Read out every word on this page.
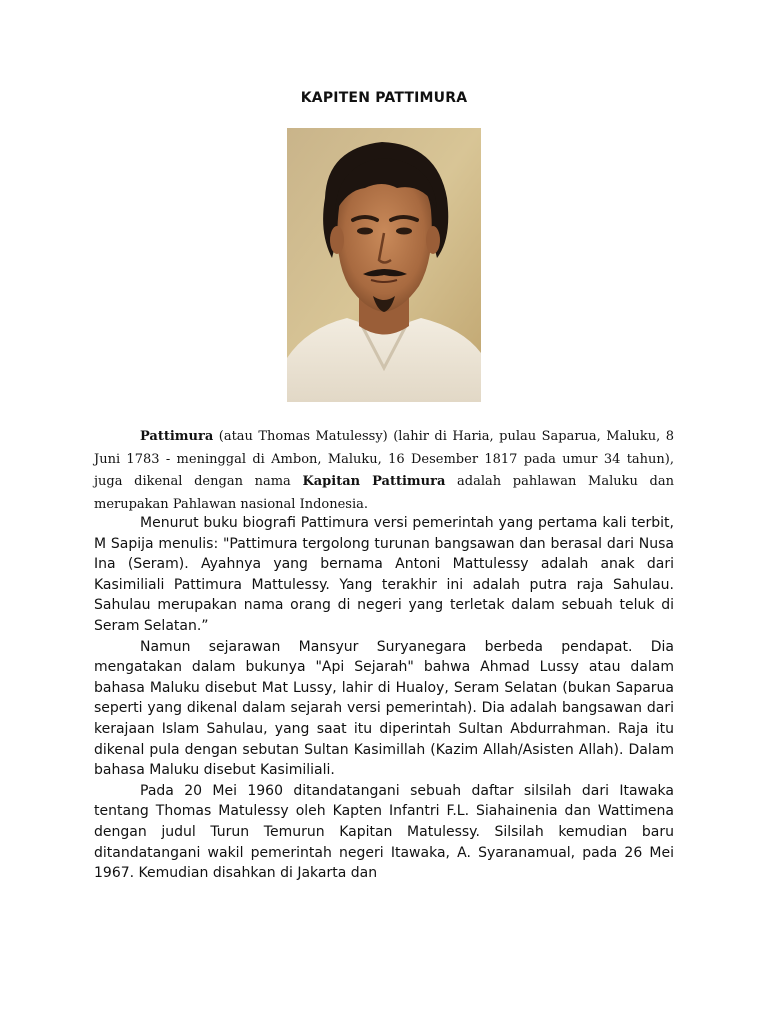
KAPITEN PATTIMURA

Pattimura (atau Thomas Matulessy) (lahir di Haria, pulau Saparua, Maluku, 8 Juni 1783 - meninggal di Ambon, Maluku, 16 Desember 1817 pada umur 34 tahun), juga dikenal dengan nama Kapitan Pattimura adalah pahlawan Maluku dan merupakan Pahlawan nasional Indonesia.

Menurut buku biografi Pattimura versi pemerintah yang pertama kali terbit, M Sapija menulis: "Pattimura tergolong turunan bangsawan dan berasal dari Nusa Ina (Seram). Ayahnya yang bernama Antoni Mattulessy adalah anak dari Kasimiliali Pattimura Mattulessy. Yang terakhir ini adalah putra raja Sahulau. Sahulau merupakan nama orang di negeri yang terletak dalam sebuah teluk di Seram Selatan.”

Namun sejarawan Mansyur Suryanegara berbeda pendapat. Dia mengatakan dalam bukunya "Api Sejarah" bahwa Ahmad Lussy atau dalam bahasa Maluku disebut Mat Lussy, lahir di Hualoy, Seram Selatan (bukan Saparua seperti yang dikenal dalam sejarah versi pemerintah). Dia adalah bangsawan dari kerajaan Islam Sahulau, yang saat itu diperintah Sultan Abdurrahman. Raja itu dikenal pula dengan sebutan Sultan Kasimillah (Kazim Allah/Asisten Allah). Dalam bahasa Maluku disebut Kasimiliali.

Pada 20 Mei 1960 ditandatangani sebuah daftar silsilah dari Itawaka tentang Thomas Matulessy oleh Kapten Infantri F.L. Siahainenia dan Wattimena dengan judul Turun Temurun Kapitan Matulessy. Silsilah kemudian baru ditandatangani wakil pemerintah negeri Itawaka, A. Syaranamual, pada 26 Mei 1967. Kemudian disahkan di Jakarta dan
